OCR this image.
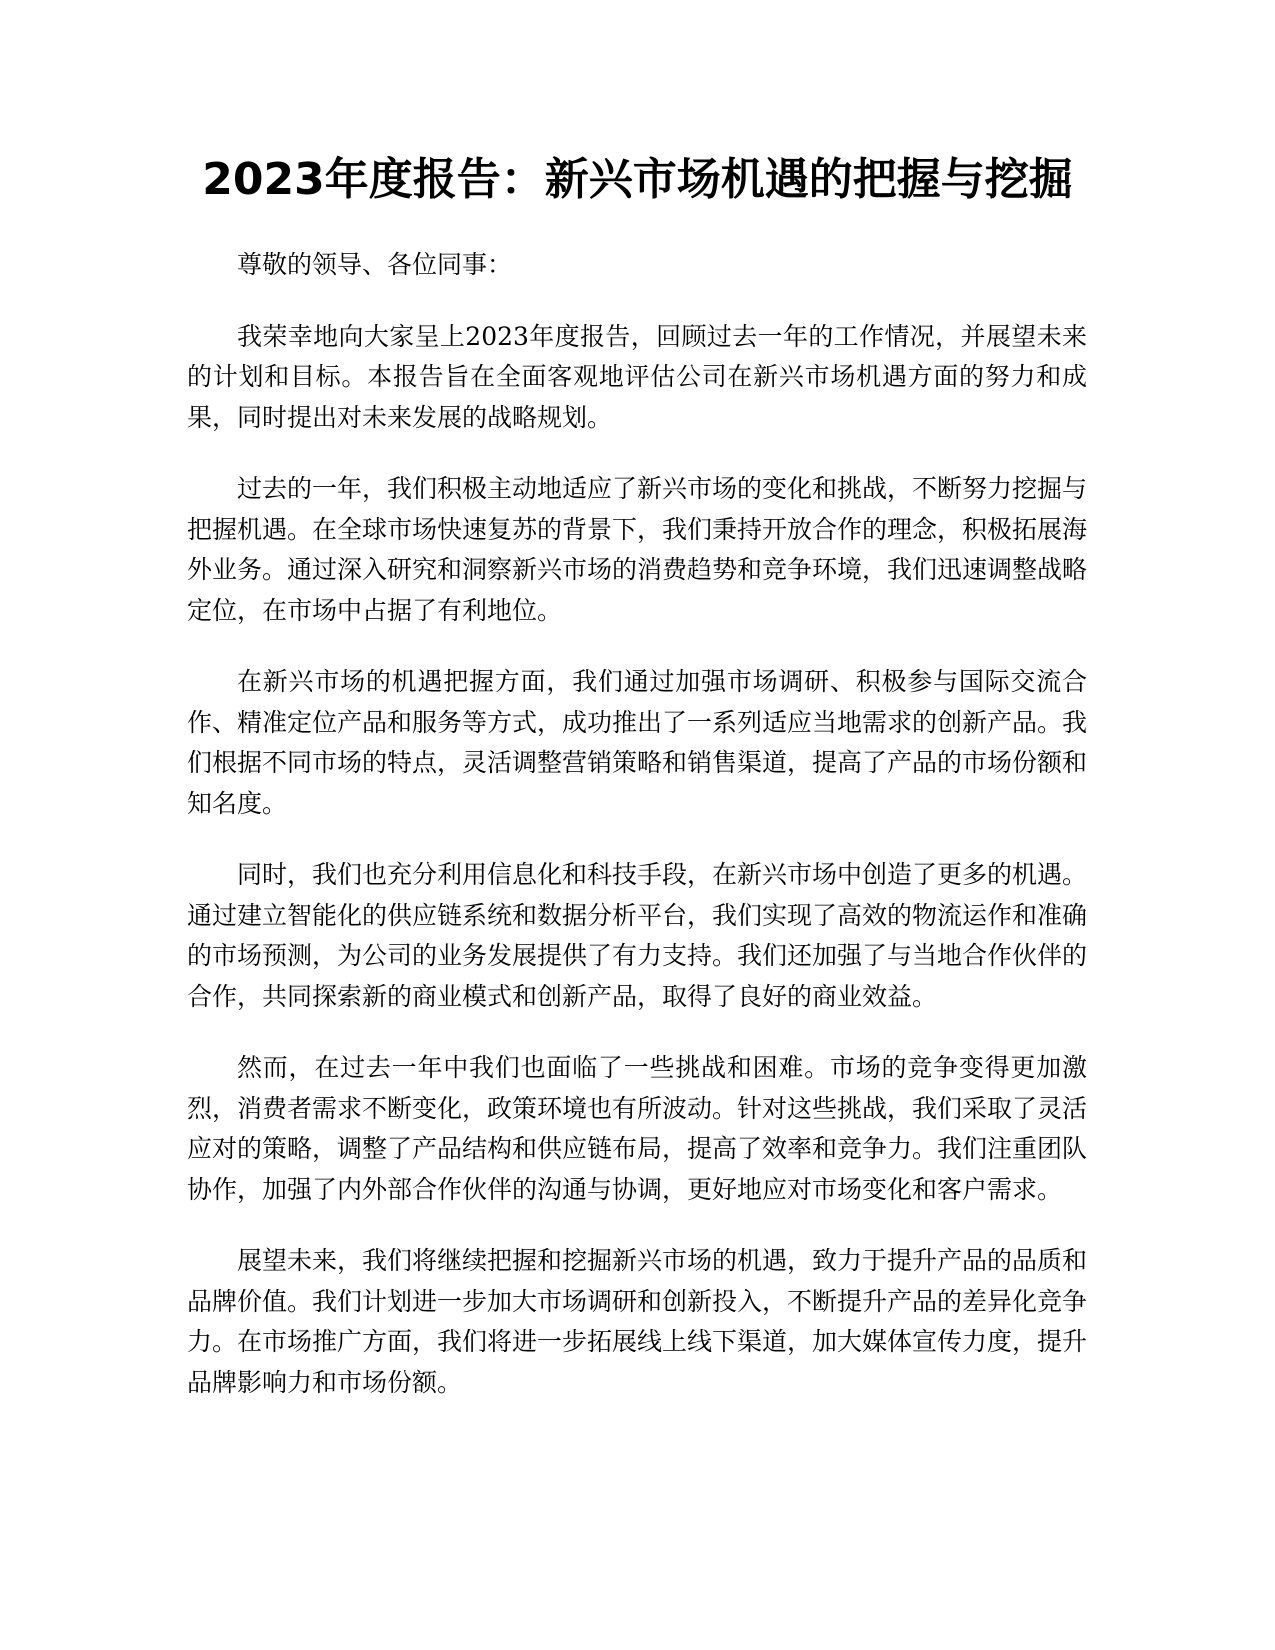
2023年度报告：新兴市场机遇的把握与挖掘

尊敬的领导、各位同事：

我荣幸地向大家呈上2023年度报告，回顾过去一年的工作情况，并展望未来的计划和目标。本报告旨在全面客观地评估公司在新兴市场机遇方面的努力和成果，同时提出对未来发展的战略规划。

过去的一年，我们积极主动地适应了新兴市场的变化和挑战，不断努力挖掘与把握机遇。在全球市场快速复苏的背景下，我们秉持开放合作的理念，积极拓展海外业务。通过深入研究和洞察新兴市场的消费趋势和竞争环境，我们迅速调整战略定位，在市场中占据了有利地位。

在新兴市场的机遇把握方面，我们通过加强市场调研、积极参与国际交流合作、精准定位产品和服务等方式，成功推出了一系列适应当地需求的创新产品。我们根据不同市场的特点，灵活调整营销策略和销售渠道，提高了产品的市场份额和知名度。

同时，我们也充分利用信息化和科技手段，在新兴市场中创造了更多的机遇。通过建立智能化的供应链系统和数据分析平台，我们实现了高效的物流运作和准确的市场预测，为公司的业务发展提供了有力支持。我们还加强了与当地合作伙伴的合作，共同探索新的商业模式和创新产品，取得了良好的商业效益。

然而，在过去一年中我们也面临了一些挑战和困难。市场的竞争变得更加激烈，消费者需求不断变化，政策环境也有所波动。针对这些挑战，我们采取了灵活应对的策略，调整了产品结构和供应链布局，提高了效率和竞争力。我们注重团队协作，加强了内外部合作伙伴的沟通与协调，更好地应对市场变化和客户需求。

展望未来，我们将继续把握和挖掘新兴市场的机遇，致力于提升产品的品质和品牌价值。我们计划进一步加大市场调研和创新投入，不断提升产品的差异化竞争力。在市场推广方面，我们将进一步拓展线上线下渠道，加大媒体宣传力度，提升品牌影响力和市场份额。
